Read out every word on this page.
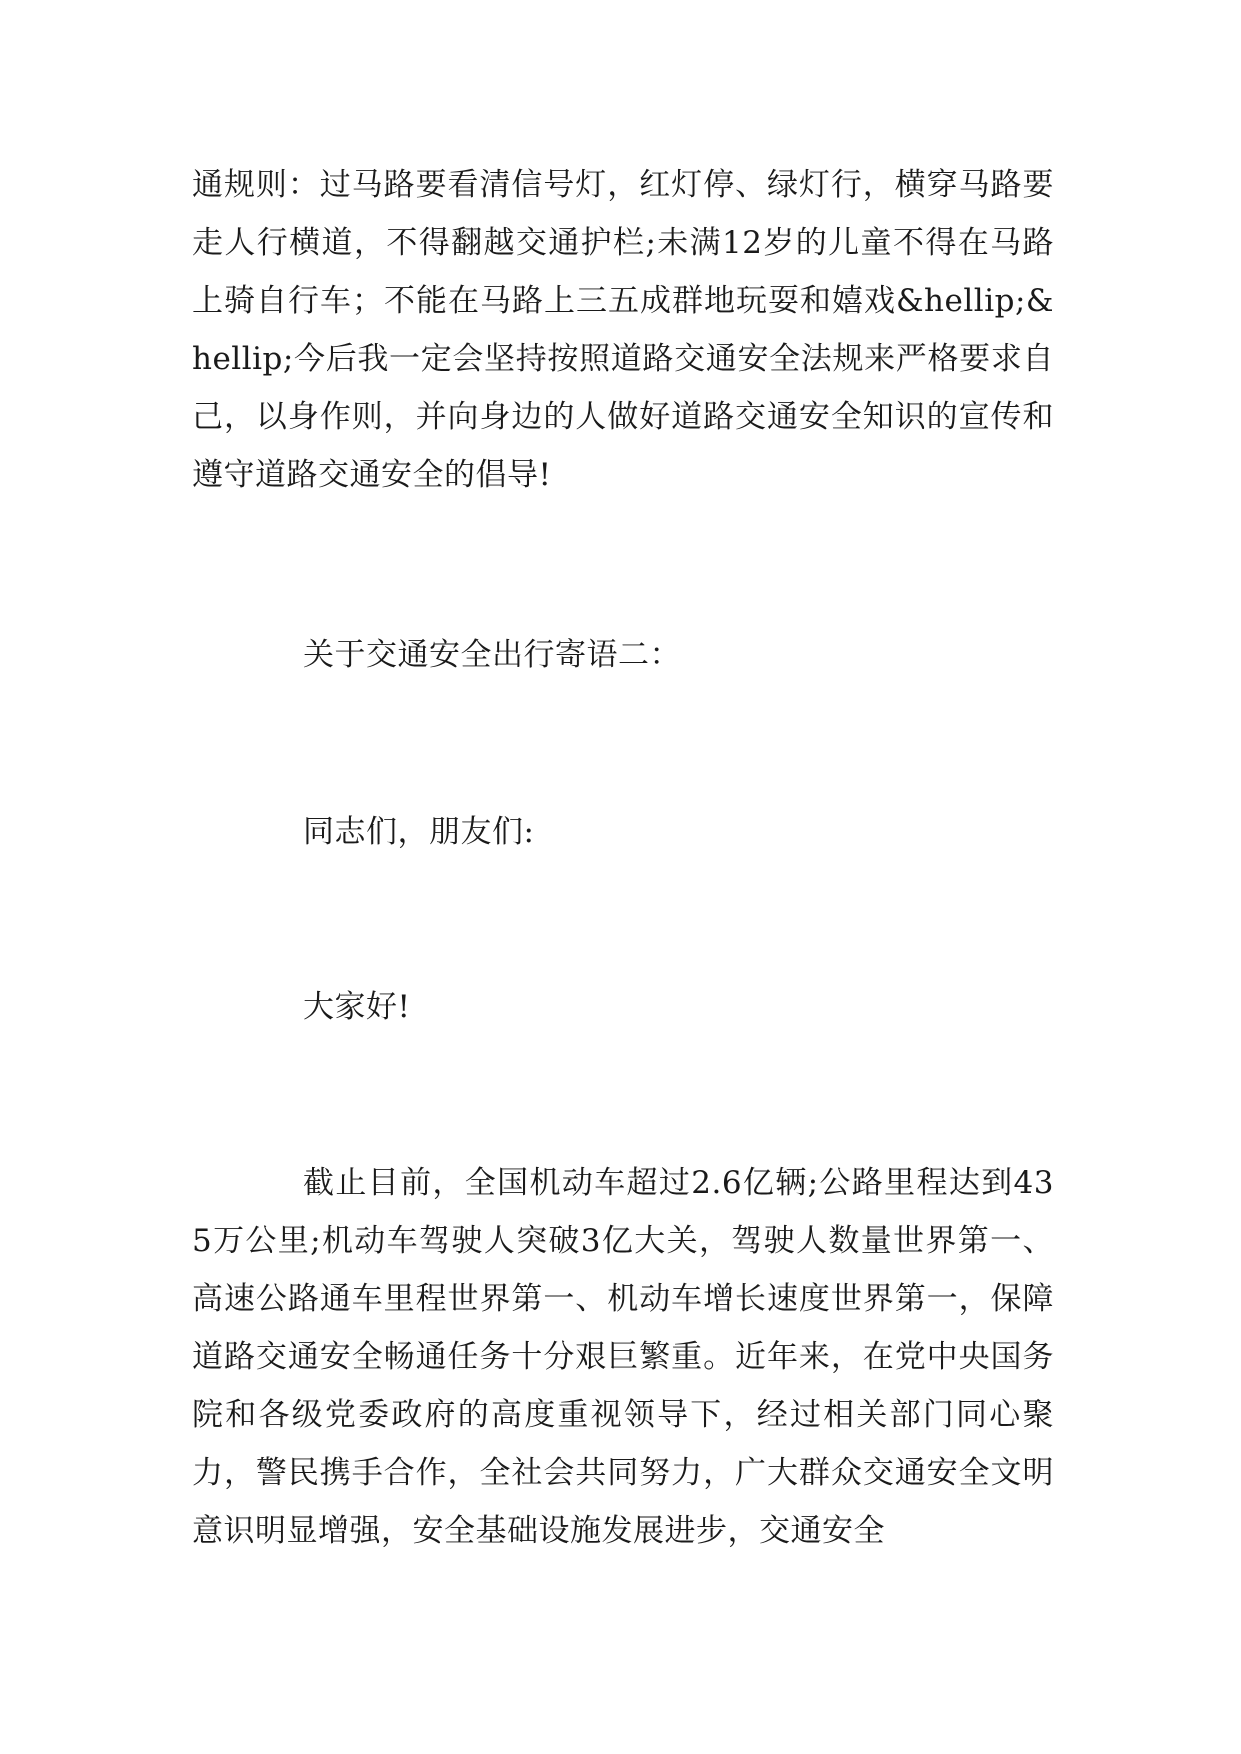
通规则：过马路要看清信号灯，红灯停、绿灯行，横穿马路要走人行横道，不得翻越交通护栏;未满12岁的儿童不得在马路上骑自行车；不能在马路上三五成群地玩耍和嬉戏&hellip;&hellip;今后我一定会坚持按照道路交通安全法规来严格要求自己，以身作则，并向身边的人做好道路交通安全知识的宣传和遵守道路交通安全的倡导!

关于交通安全出行寄语二：

同志们，朋友们:

大家好!

截止目前，全国机动车超过2.6亿辆;公路里程达到435万公里;机动车驾驶人突破3亿大关，驾驶人数量世界第一、高速公路通车里程世界第一、机动车增长速度世界第一，保障道路交通安全畅通任务十分艰巨繁重。近年来，在党中央国务院和各级党委政府的高度重视领导下，经过相关部门同心聚力，警民携手合作，全社会共同努力，广大群众交通安全文明意识明显增强，安全基础设施发展进步，交通安全
